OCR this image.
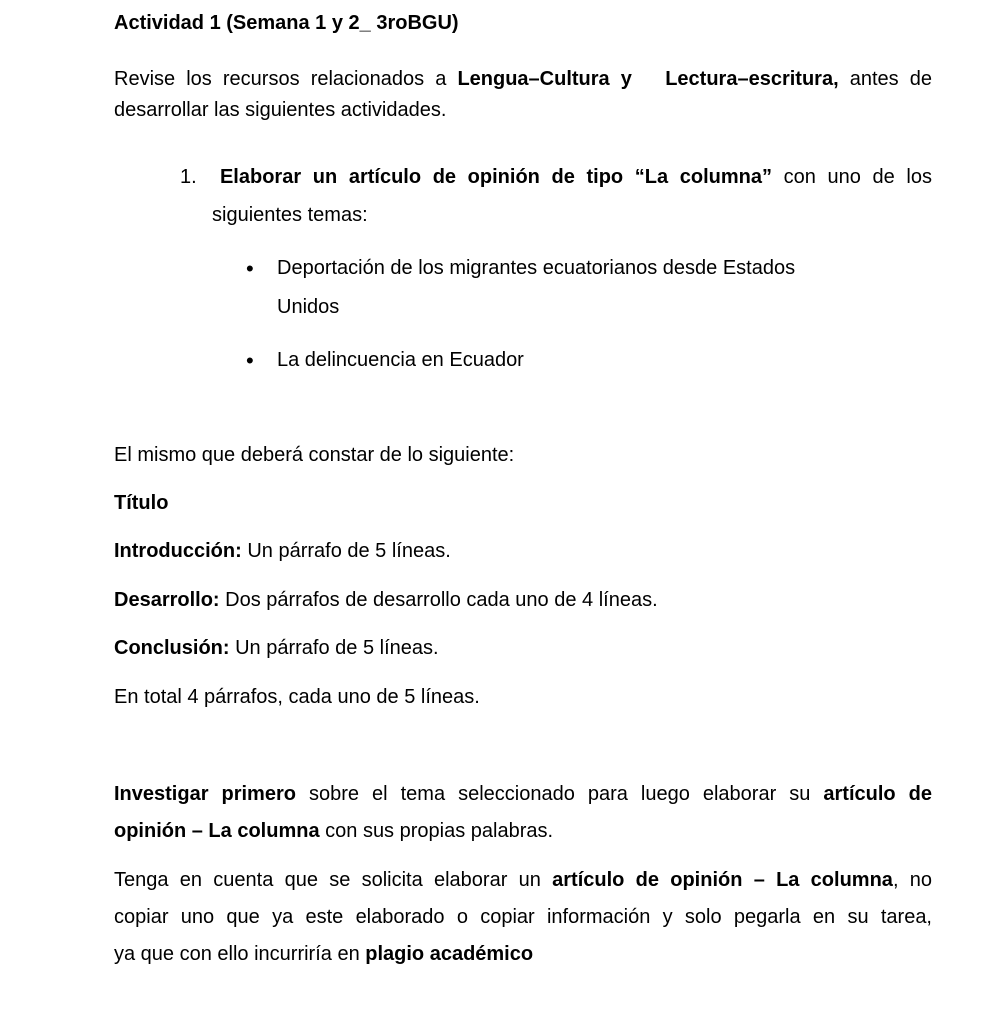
Actividad 1 (Semana 1 y 2_ 3roBGU)
Revise los recursos relacionados a Lengua–Cultura y Lectura–escritura, antes de
desarrollar las siguientes actividades.
1. Elaborar un artículo de opinión de tipo “La columna” con uno de los
siguientes temas:
• Deportación de los migrantes ecuatorianos desde Estados
Unidos
• La delincuencia en Ecuador
El mismo que deberá constar de lo siguiente:
Título
Introducción: Un párrafo de 5 líneas.
Desarrollo: Dos párrafos de desarrollo cada uno de 4 líneas.
Conclusión: Un párrafo de 5 líneas.
En total 4 párrafos, cada uno de 5 líneas.
Investigar primero sobre el tema seleccionado para luego elaborar su artículo de
opinión – La columna con sus propias palabras.
Tenga en cuenta que se solicita elaborar un artículo de opinión – La columna, no
copiar uno que ya este elaborado o copiar información y solo pegarla en su tarea,
ya que con ello incurriría en plagio académico
